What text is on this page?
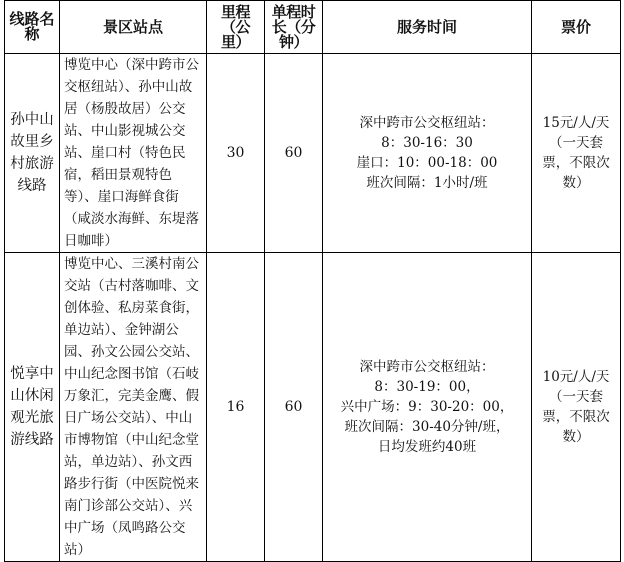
线路名称	景区站点	里程（公里）	单程时长（分钟）	服务时间	票价
孙中山故里乡村旅游线路	博览中心（深中跨市公交枢纽站）、孙中山故居（杨殷故居）公交站、中山影视城公交站、崖口村（特色民宿，稻田景观特色等）、崖口海鲜食街（咸淡水海鲜、东堤落日咖啡）	30	60	深中跨市公交枢纽站：
8：30-16：30
崖口：10：00-18：00
班次间隔：1小时/班	15元/人/天（一天套票，不限次数）
悦享中山休闲观光旅游线路	博览中心、三溪村南公交站（古村落咖啡、文创体验、私房菜食街，单边站）、金钟湖公园、孙文公园公交站、中山纪念图书馆（石岐万象汇，完美金鹰、假日广场公交站）、中山市博物馆（中山纪念堂站，单边站）、孙文西路步行街（中医院悦来南门诊部公交站）、兴中广场（凤鸣路公交站）	16	60	深中跨市公交枢纽站：
8：30-19：00，
兴中广场：9：30-20：00，
班次间隔：30-40分钟/班，
日均发班约40班	10元/人/天（一天套票，不限次数）
